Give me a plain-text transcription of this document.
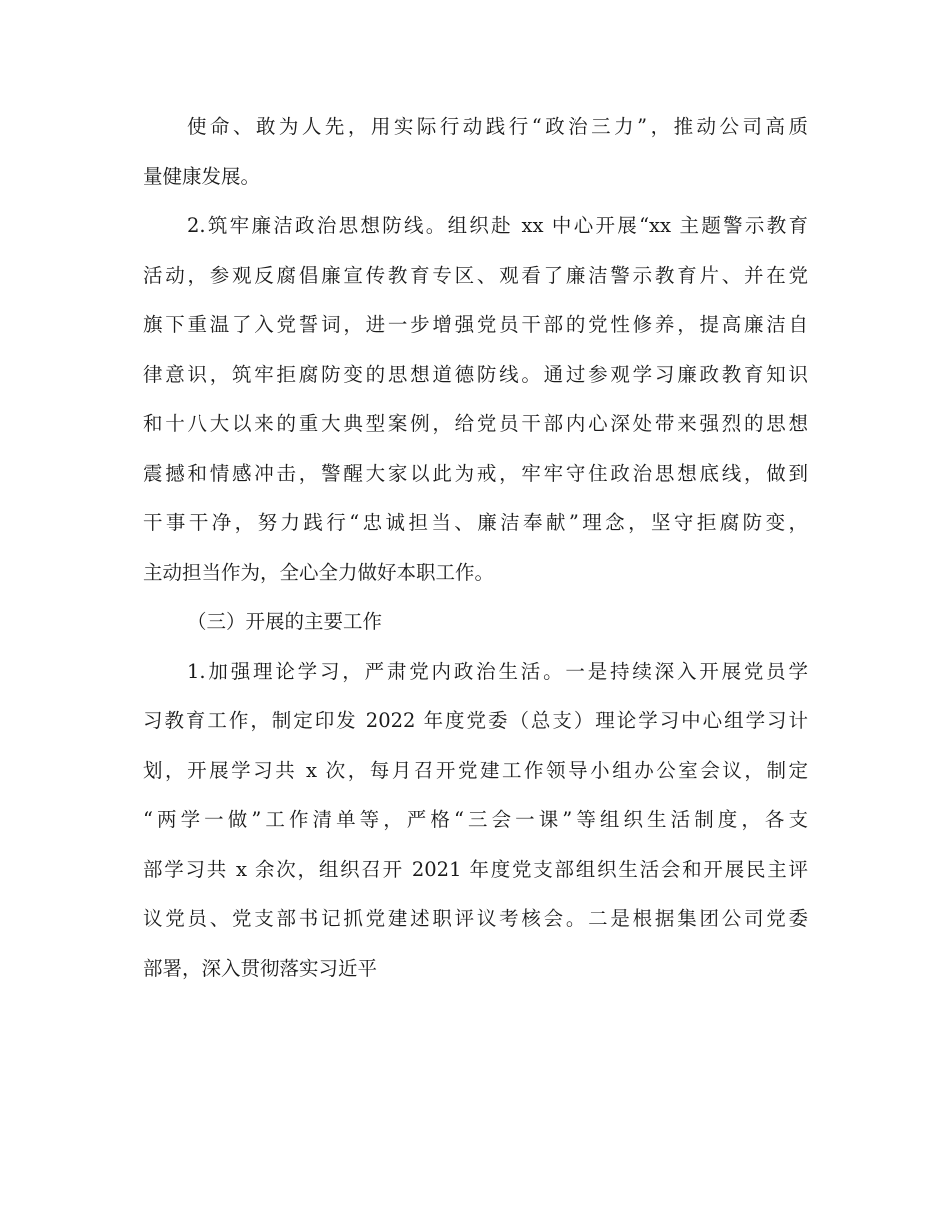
使命、敢为人先，用实际行动践行“政治三力”，推动公司高质
量健康发展。
2.筑牢廉洁政治思想防线。组织赴 xx 中心开展“xx 主题警示教育
活动，参观反腐倡廉宣传教育专区、观看了廉洁警示教育片、并在党
旗下重温了入党誓词，进一步增强党员干部的党性修养，提高廉洁自
律意识，筑牢拒腐防变的思想道德防线。通过参观学习廉政教育知识
和十八大以来的重大典型案例，给党员干部内心深处带来强烈的思想
震撼和情感冲击，警醒大家以此为戒，牢牢守住政治思想底线，做到
干事干净，努力践行“忠诚担当、廉洁奉献”理念，坚守拒腐防变，
主动担当作为，全心全力做好本职工作。
（三）开展的主要工作
1.加强理论学习，严肃党内政治生活。一是持续深入开展党员学
习教育工作，制定印发 2022 年度党委（总支）理论学习中心组学习计
划，开展学习共 x 次，每月召开党建工作领导小组办公室会议，制定
“两学一做”工作清单等，严格“三会一课”等组织生活制度，各支
部学习共 x 余次，组织召开 2021 年度党支部组织生活会和开展民主评
议党员、党支部书记抓党建述职评议考核会。二是根据集团公司党委
部署，深入贯彻落实习近平
